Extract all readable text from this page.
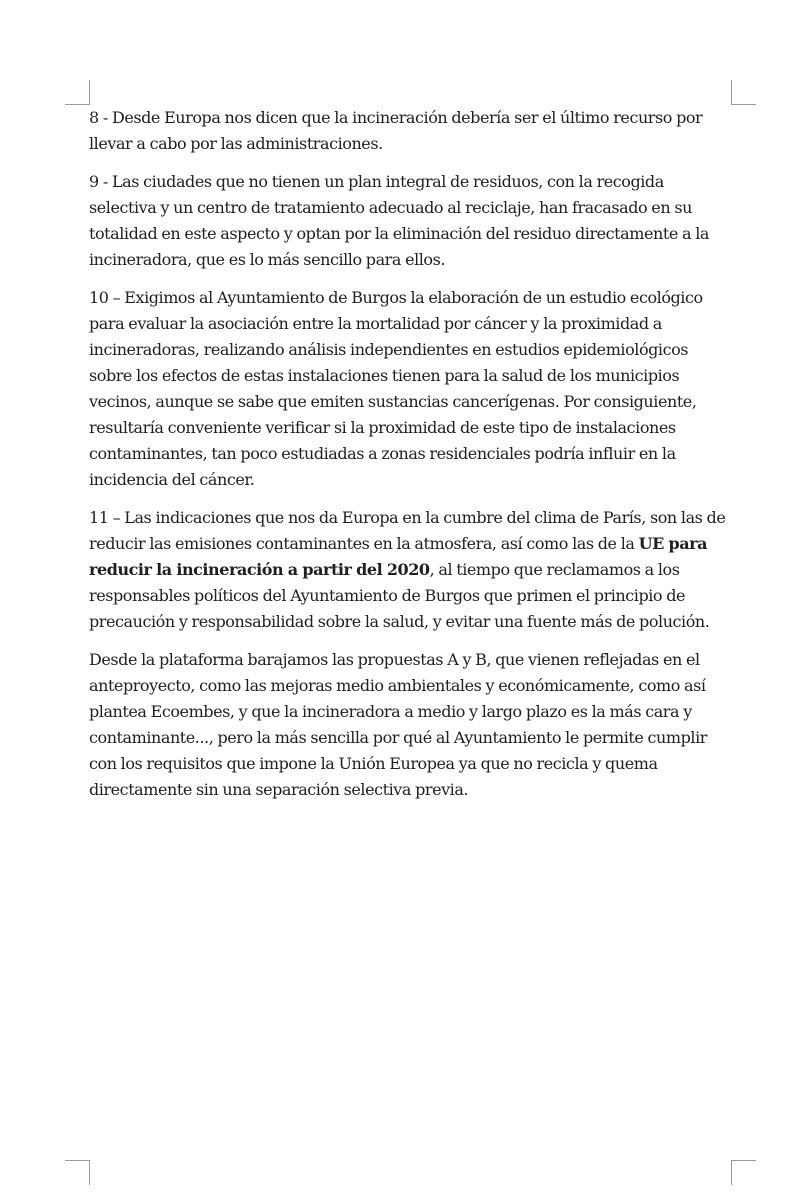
8 - Desde Europa nos dicen que la incineración debería ser el último recurso por llevar a cabo por las administraciones.

9 - Las ciudades que no tienen un plan integral de residuos, con la recogida selectiva y un centro de tratamiento adecuado al reciclaje, han fracasado en su totalidad en este aspecto y optan por la eliminación del residuo directamente a la incineradora, que es lo más sencillo para ellos.

10 – Exigimos al Ayuntamiento de Burgos la elaboración de un estudio ecológico para evaluar la asociación entre la mortalidad por cáncer y la proximidad a incineradoras, realizando análisis independientes en estudios epidemiológicos sobre los efectos de estas instalaciones tienen para la salud de los municipios vecinos, aunque se sabe que emiten sustancias cancerígenas. Por consiguiente, resultaría conveniente verificar si la proximidad de este tipo de instalaciones contaminantes, tan poco estudiadas a zonas residenciales podría influir en la incidencia del cáncer.

11 – Las indicaciones que nos da Europa en la cumbre del clima de París, son las de reducir las emisiones contaminantes en la atmosfera, así como las de la UE para reducir la incineración a partir del 2020, al tiempo que reclamamos a los responsables políticos del Ayuntamiento de Burgos que primen el principio de precaución y responsabilidad sobre la salud, y evitar una fuente más de polución.

Desde la plataforma barajamos las propuestas A y B, que vienen reflejadas en el anteproyecto, como las mejoras medio ambientales y económicamente, como así plantea Ecoembes, y que la incineradora a medio y largo plazo es la más cara y contaminante..., pero la más sencilla por qué al Ayuntamiento le permite cumplir con los requisitos que impone la Unión Europea ya que no recicla y quema directamente sin una separación selectiva previa.
